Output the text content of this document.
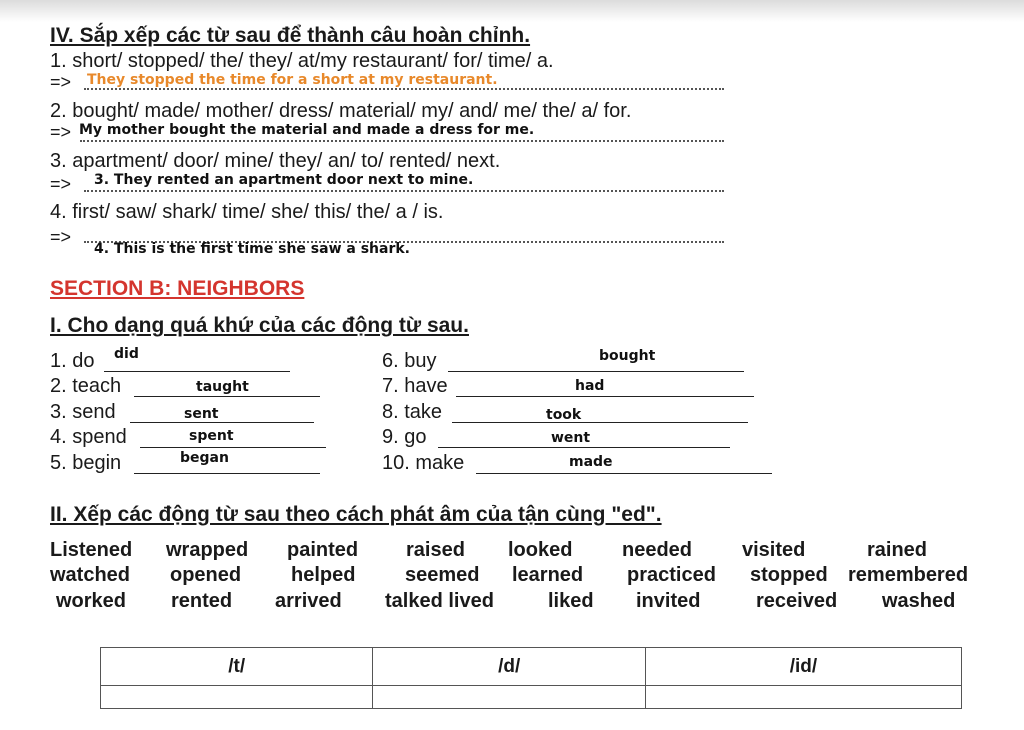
IV. Sắp xếp các từ sau để thành câu hoàn chỉnh.
1. short/ stopped/ the/ they/ at/my restaurant/ for/ time/ a.
=> They stopped the time for a short at my restaurant.
2. bought/ made/ mother/ dress/ material/ my/ and/ me/ the/ a/ for.
=> My mother bought the material and made a dress for me.
3. apartment/ door/ mine/ they/ an/ to/ rented/ next.
=> 3. They rented an apartment door next to mine.
4. first/ saw/ shark/ time/ she/ this/ the/ a / is.
=>
4. This is the first time she saw a shark.
SECTION B: NEIGHBORS
I. Cho dạng quá khứ của các động từ sau.
1. do did
2. teach	taught
3. send	sent
4. spend	spent
5. begin	began
6. buy	bought
7. have	had
8. take	took
9. go	went
10. make	made
II. Xếp các động từ sau theo cách phát âm của tận cùng "ed".
Listened wrapped painted raised looked needed visited	rained
watched opened helped seemed learned practiced stopped remembered
worked rented arrived talked lived	liked invited	received washed
/t/	/d/	/id/
